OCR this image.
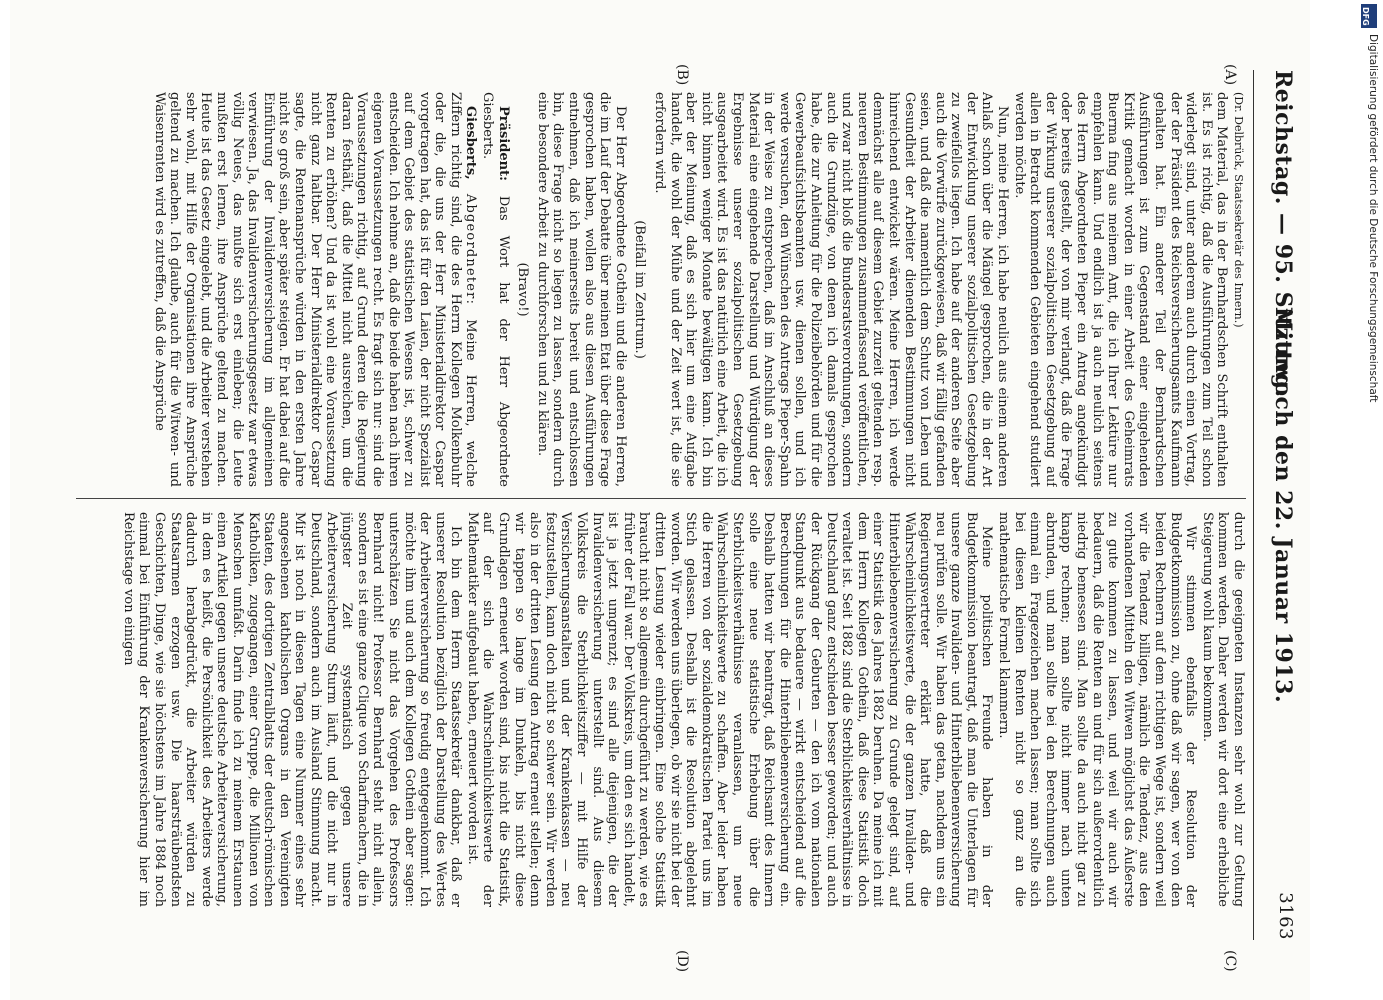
Reichstag. — 95. Sitzung.
Mittwoch den 22. Januar 1913.
3163
(A)
(B)
(C)
(D)

(Dr. Delbrück, Staatssekretär des Innern.)

dem Material, das in der Bernhardschen Schrift enthalten ist. Es ist richtig, daß die Ausführungen zum Teil schon widerlegt sind, unter anderem auch durch einen Vortrag, der der Präsident des Reichsversicherungsamts Kaufmann gehalten hat. Ein anderer Teil der Bernhardschen Ausführungen ist zum Gegenstand einer eingehenden Kritik gemacht worden in einer Arbeit des Geheimrats Buerma fing aus meinem Amt, die ich Ihrer Lektüre nur empfehlen kann. Und endlich ist ja auch neulich seitens des Herrn Abgeordneten Pieper ein Antrag angekündigt oder bereits gestellt, der von mir verlangt, daß die Frage der Wirkung unserer sozialpolitischen Gesetzgebung auf allen in Betracht kommenden Gebieten eingehend studiert werden möchte.

Nun, meine Herren, ich habe neulich aus einem anderen Anlaß schon über die Mängel gesprochen, die in der Art der Entwicklung unserer sozialpolitischen Gesetzgebung zu zweifellos liegen. Ich habe auf der anderen Seite aber auch die Vorwürfe zurückgewiesen, daß wir fällig gefanden seien, und daß die namentlich dem Schutz von Leben und Gesundheit der Arbeiter dienenden Bestimmungen nicht hinreichend entwickelt wären. Meine Herren, ich werde demnächst alle auf diesem Gebiet zurzeit geltenden resp. neueren Bestimmungen zusammenfassend veröffentlichen, und zwar nicht bloß die Bundesratsverordnungen, sondern auch die Grundzüge, von denen ich damals gesprochen habe, die zur Anleitung für die Polizeibehörden und für die Gewerbeaufsichtsbeamten usw. dienen sollen, und ich werde versuchen, den Wünschen des Antrags Pieper-Spahn in der Weise zu entsprechen, daß im Anschluß an dieses Material eine eingehende Darstellung und Würdigung der Ergebnisse unserer sozialpolitischen Gesetzgebung ausgearbeitet wird. Es ist das natürlich eine Arbeit, die ich nicht binnen weniger Monate bewältigen kann. Ich bin aber der Meinung, daß es sich hier um eine Aufgabe handelt, die wohl der Mühe und der Zeit wert ist, die sie erfordern wird.

(Beifall im Zentrum.)

Der Herr Abgeordnete Gothein und die anderen Herren, die im Lauf der Debatte über meinen Etat über diese Frage gesprochen haben, wollen also aus diesen Ausführungen entnehmen, daß ich meinerseits bereit und entschlossen bin, diese Frage nicht so liegen zu lassen, sondern durch eine besondere Arbeit zu durchforschen und zu klären.

(Bravo!)

Präsident: Das Wort hat der Herr Abgeordnete Giesberts.

Giesberts, Abgeordneter: Meine Herren, welche Ziffern richtig sind, die des Herrn Kollegen Molkenbuhr oder die, die uns der Herr Ministerialdirektor Caspar vorgetragen hat, das ist für den Laien, der nicht Spezialist auf dem Gebiet des statistischen Wesens ist, schwer zu entscheiden. Ich nehme an, daß die beide haben nach ihren eigenen Voraussetzungen recht. Es fragt sich nur: sind die Voraussetzungen richtig, auf Grund deren die Regierung daran festhält, daß die Mittel nicht ausreichen, um die Renten zu erhöhen? Und da ist wohl eine Voraussetzung nicht ganz haltbar. Der Herr Ministerialdirektor Caspar sagte, die Rentenansprüche würden in den ersten Jahre nicht so groß sein, aber später steigen. Er hat dabei auf die Einführung der Invalidenversicherung im allgemeinen verwiesen. Ja, das Invalidenversicherungsgesetz war etwas völlig Neues, das mußte sich erst einleben; die Leute mußten erst lernen, ihre Ansprüche geltend zu machen. Heute ist das Gesetz eingelebt, und die Arbeiter verstehen sehr wohl, mit Hilfe der Organisationen ihre Ansprüche geltend zu machen. Ich glaube, auch für die Witwen- und Waisenrenten wird es zutreffen, daß die Ansprüche

durch die geeigneten Instanzen sehr wohl zur Geltung kommen werden. Daher werden wir dort eine erhebliche Steigerung wohl kaum bekommen.

Wir stimmen ebenfalls der Resolution der Budgetkommission zu, ohne daß wir sagen, wer von den beiden Rechnern auf dem richtigen Wege ist, sondern weil wir die Tendenz billigen, nämlich die Tendenz, aus den vorhandenen Mitteln den Witwen möglichst das Äußerste zu gute kommen zu lassen, und weil wir auch wir bedauern, daß die Renten an und für sich außerordentlich niedrig bemessen sind. Man sollte da auch nicht gar zu knapp rechnen; man sollte nicht immer nach unten abrunden, und man sollte bei den Berechnungen auch einmal ein Fragezeichen machen lassen; man sollte sich bei diesen kleinen Renten nicht so ganz an die mathematische Formel klammern.

Meine politischen Freunde haben in der Budgetkommission beantragt, daß man die Unterlagen für unsere ganze Invaliden- und Hinterbliebenenversicherung neu prüfen solle. Wir haben das getan, nachdem uns ein Regierungsvertreter erklärt hatte, daß die Wahrscheinlichkeitswerte, die der ganzen Invaliden- und Hinterbliebenenversicherung zu Grunde gelegt sind, auf einer Statistik des Jahres 1882 beruhen. Da meine ich mit dem Herrn Kollegen Gothein, daß diese Statistik doch veraltet ist. Seit 1882 sind die Sterblichkeitsverhältnisse in Deutschland ganz entschieden besser geworden; und auch der Rückgang der Geburten — den ich vom nationalen Standpunkt aus bedauere — wirkt entscheidend auf die Berechnungen für die Hinterbliebenenversicherung ein. Deshalb hatten wir beantragt, daß Reichsamt des Innern solle eine neue statistische Erhebung über die Sterblichkeitsverhältnisse veranlassen, um neue Wahrscheinlichkeitswerte zu schaffen. Aber leider haben die Herren von der sozialdemokratischen Partei uns im Stich gelassen. Deshalb ist die Resolution abgelehnt worden. Wir werden uns überlegen, ob wir sie nicht bei der dritten Lesung wieder einbringen. Eine solche Statistik braucht nicht so allgemein durchgeführt zu werden, wie es früher der Fall war. Der Volkskreis, um den es sich handelt, ist ja jetzt umgrenzt; es sind alle diejenigen, die der Invalidenversicherung unterstellt sind. Aus diesem Volkskreis die Sterblichkeitsziffer — mit Hilfe der Versicherungsanstalten und der Krankenkassen — neu festzustellen, kann doch nicht so schwer sein. Wir werden also in der dritten Lesung den Antrag erneut stellen; denn wir tappen so lange im Dunkeln, bis nicht diese Grundlagen erneuert worden sind, bis nicht die Statistik, auf der sich die Wahrscheinlichkeitswerte der Mathematiker aufgebaut haben, erneuert worden ist.

Ich bin dem Herrn Staatssekretär dankbar, daß er unserer Resolution bezüglich der Darstellung des Wertes der Arbeiterversicherung so freudig entgegenkommt. Ich möchte ihm und auch dem Kollegen Gothein aber sagen: unterschätzen Sie nicht das Vorgehen des Professors Bernhard nicht! Professor Bernhard steht nicht allein, sondern es ist eine ganze Clique von Scharfmachern, die in jüngster Zeit systematisch gegen unsere Arbeiterversicherung Sturm läuft, und die nicht nur in Deutschland, sondern auch im Ausland Stimmung macht. Mir ist noch in diesen Tagen eine Nummer eines sehr angesehenen katholischen Organs in den Vereinigten Staaten, des dortigen Zentralblatts der deutsch-römischen Katholiken, zugegangen, einer Gruppe, die Millionen von Menschen umfaßt. Darin finde ich zu meinem Erstaunen einen Artikel gegen unsere deutsche Arbeiterversicherung, in dem es heißt, die Persönlichkeit des Arbeiters werde dadurch herabgedrückt, die Arbeiter würden zu Staatsarmen erzogen usw. Die haarsträubendsten Geschichten, Dinge, wie sie höchstens im Jahre 1884 noch einmal bei Einführung der Krankenversicherung hier im Reichstage von einigen

DFG
Digitalisierung gefördert durch die Deutsche Forschungsgemeinschaft
